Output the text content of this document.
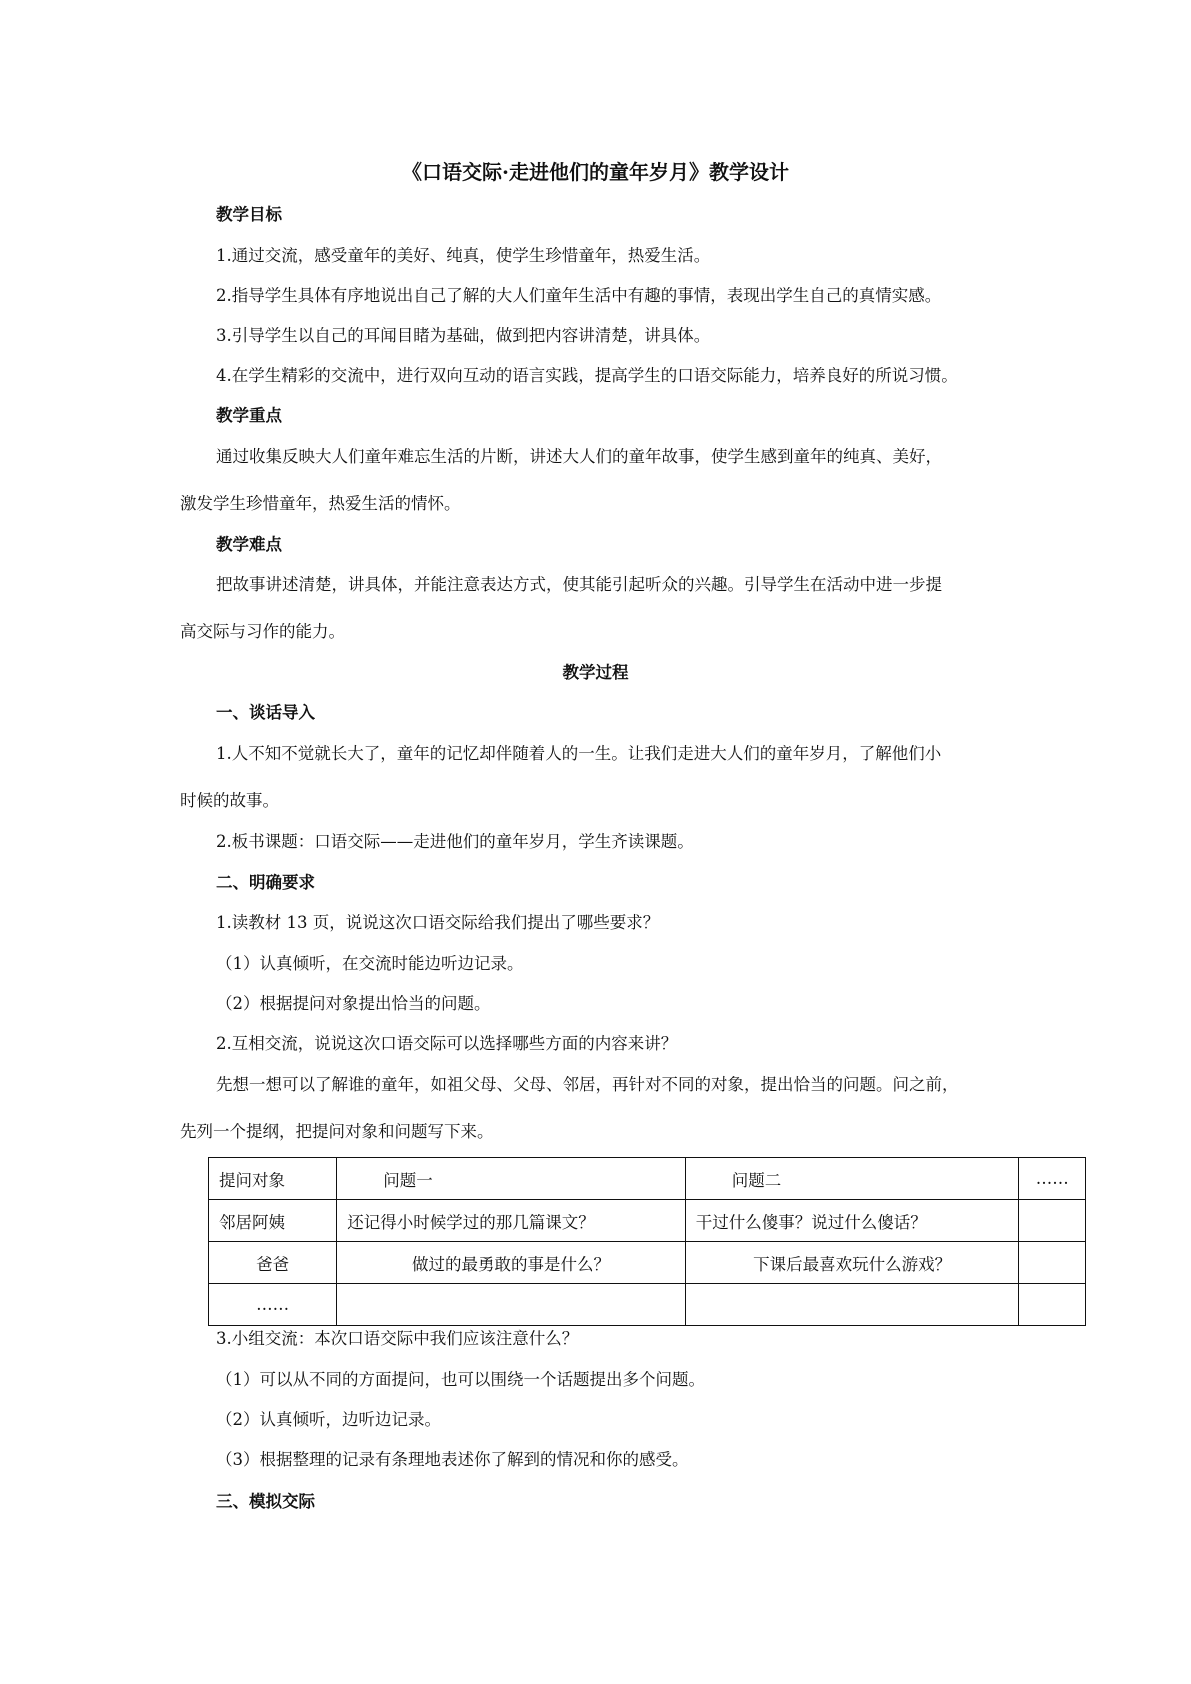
《口语交际·走进他们的童年岁月》教学设计
教学目标
1.通过交流，感受童年的美好、纯真，使学生珍惜童年，热爱生活。
2.指导学生具体有序地说出自己了解的大人们童年生活中有趣的事情，表现出学生自己的真情实感。
3.引导学生以自己的耳闻目睹为基础，做到把内容讲清楚，讲具体。
4.在学生精彩的交流中，进行双向互动的语言实践，提高学生的口语交际能力，培养良好的所说习惯。
教学重点
通过收集反映大人们童年难忘生活的片断，讲述大人们的童年故事，使学生感到童年的纯真、美好，
激发学生珍惜童年，热爱生活的情怀。
教学难点
把故事讲述清楚，讲具体，并能注意表达方式，使其能引起听众的兴趣。引导学生在活动中进一步提
高交际与习作的能力。
教学过程
一、谈话导入
1.人不知不觉就长大了，童年的记忆却伴随着人的一生。让我们走进大人们的童年岁月，了解他们小
时候的故事。
2.板书课题：口语交际——走进他们的童年岁月，学生齐读课题。
二、明确要求
1.读教材 13 页，说说这次口语交际给我们提出了哪些要求？
（1）认真倾听，在交流时能边听边记录。
（2）根据提问对象提出恰当的问题。
2.互相交流，说说这次口语交际可以选择哪些方面的内容来讲？
先想一想可以了解谁的童年，如祖父母、父母、邻居，再针对不同的对象，提出恰当的问题。问之前，
先列一个提纲，把提问对象和问题写下来。
提问对象	问题一	问题二	……
邻居阿姨	还记得小时候学过的那几篇课文？	干过什么傻事？说过什么傻话？	
爸爸	做过的最勇敢的事是什么？	下课后最喜欢玩什么游戏？	
……			
3.小组交流：本次口语交际中我们应该注意什么？
（1）可以从不同的方面提问，也可以围绕一个话题提出多个问题。
（2）认真倾听，边听边记录。
（3）根据整理的记录有条理地表述你了解到的情况和你的感受。
三、模拟交际
